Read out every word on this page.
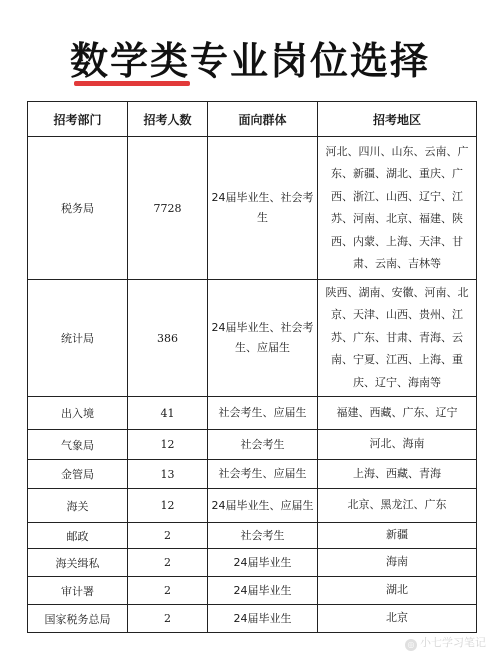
数学类专业岗位选择
招考部门	招考人数	面向群体	招考地区
税务局	7728	24届毕业生、社会考生	河北、四川、山东、云南、广东、新疆、湖北、重庆、广西、浙江、山西、辽宁、江苏、河南、北京、福建、陕西、内蒙、上海、天津、甘肃、云南、吉林等
统计局	386	24届毕业生、社会考生、应届生	陕西、湖南、安徽、河南、北京、天津、山西、贵州、江苏、广东、甘肃、青海、云南、宁夏、江西、上海、重庆、辽宁、海南等
出入境	41	社会考生、应届生	福建、西藏、广东、辽宁
气象局	12	社会考生	河北、海南
金管局	13	社会考生、应届生	上海、西藏、青海
海关	12	24届毕业生、应届生	北京、黑龙江、广东
邮政	2	社会考生	新疆
海关缉私	2	24届毕业生	海南
审计署	2	24届毕业生	湖北
国家税务总局	2	24届毕业生	北京
◎ 小七学习笔记
